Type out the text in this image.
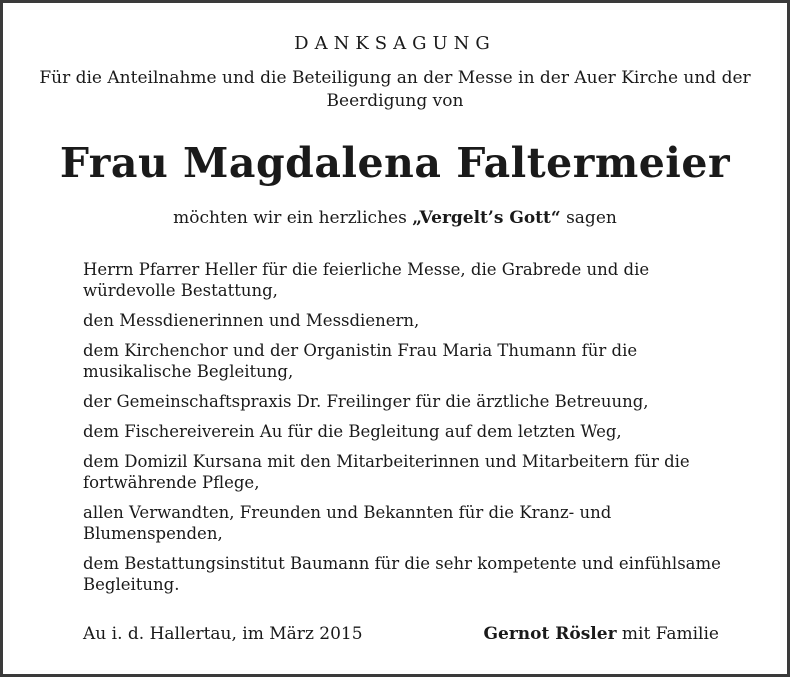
DANKSAGUNG
Für die Anteilnahme und die Beteiligung an der Messe in der Auer Kirche und der Beerdigung von
Frau Magdalena Faltermeier
möchten wir ein herzliches „Vergelt’s Gott“ sagen

Herrn Pfarrer Heller für die feierliche Messe, die Grabrede und die würdevolle Bestattung,

den Messdienerinnen und Messdienern,

dem Kirchenchor und der Organistin Frau Maria Thumann für die musikalische Begleitung,

der Gemeinschaftspraxis Dr. Freilinger für die ärztliche Betreuung,

dem Fischereiverein Au für die Begleitung auf dem letzten Weg,

dem Domizil Kursana mit den Mitarbeiterinnen und Mitarbeitern für die fortwährende Pflege,

allen Verwandten, Freunden und Bekannten für die Kranz- und Blumenspenden,

dem Bestattungsinstitut Baumann für die sehr kompetente und einfühlsame Begleitung.

Au i. d. Hallertau, im März 2015	Gernot Rösler mit Familie
